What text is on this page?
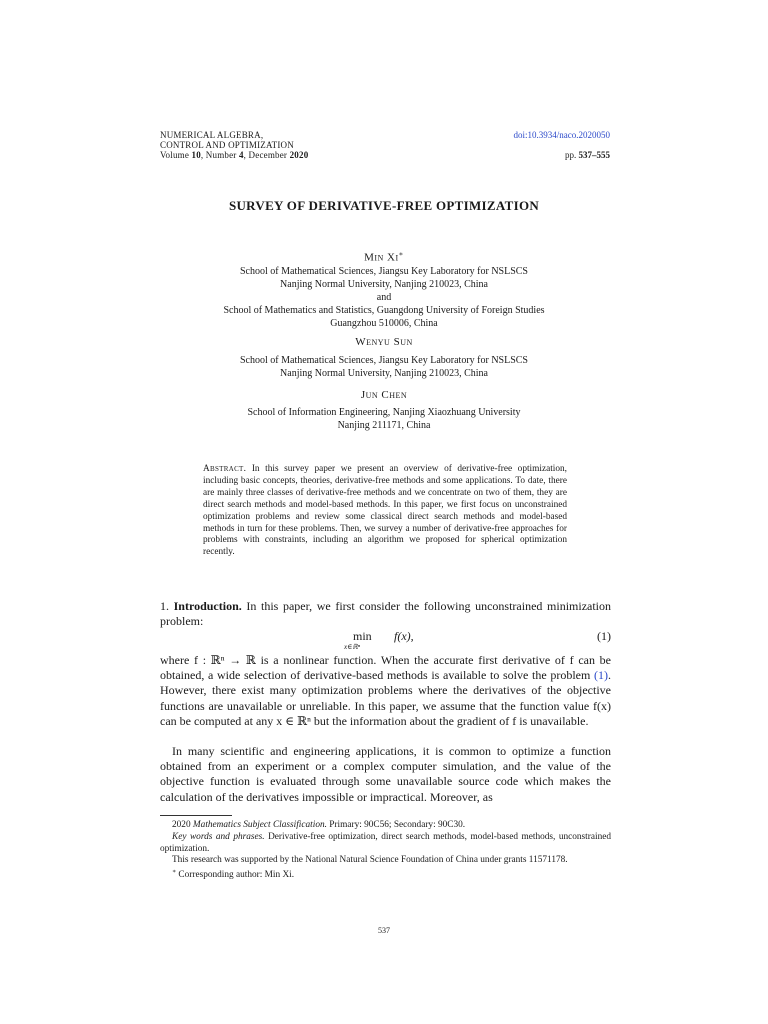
NUMERICAL ALGEBRA,
CONTROL AND OPTIMIZATION
Volume 10, Number 4, December 2020
doi:10.3934/naco.2020050
pp. 537–555
SURVEY OF DERIVATIVE-FREE OPTIMIZATION
Min Xi∗
School of Mathematical Sciences, Jiangsu Key Laboratory for NSLSCS
Nanjing Normal University, Nanjing 210023, China
and
School of Mathematics and Statistics, Guangdong University of Foreign Studies
Guangzhou 510006, China
Wenyu Sun
School of Mathematical Sciences, Jiangsu Key Laboratory for NSLSCS
Nanjing Normal University, Nanjing 210023, China
Jun Chen
School of Information Engineering, Nanjing Xiaozhuang University
Nanjing 211171, China
Abstract. In this survey paper we present an overview of derivative-free optimization, including basic concepts, theories, derivative-free methods and some applications. To date, there are mainly three classes of derivative-free methods and we concentrate on two of them, they are direct search methods and model-based methods. In this paper, we first focus on unconstrained optimization problems and review some classical direct search methods and model-based methods in turn for these problems. Then, we survey a number of derivative-free approaches for problems with constraints, including an algorithm we proposed for spherical optimization recently.
1. Introduction. In this paper, we first consider the following unconstrained minimization problem:
min
x∈ℝⁿ
f(x),	(1)
where f : ℝⁿ → ℝ is a nonlinear function. When the accurate first derivative of f can be obtained, a wide selection of derivative-based methods is available to solve the problem (1). However, there exist many optimization problems where the derivatives of the objective functions are unavailable or unreliable. In this paper, we assume that the function value f(x) can be computed at any x ∈ ℝⁿ but the information about the gradient of f is unavailable.
In many scientific and engineering applications, it is common to optimize a function obtained from an experiment or a complex computer simulation, and the value of the objective function is evaluated through some unavailable source code which makes the calculation of the derivatives impossible or impractical. Moreover, as

2020 Mathematics Subject Classification. Primary: 90C56; Secondary: 90C30.

Key words and phrases. Derivative-free optimization, direct search methods, model-based methods, unconstrained optimization.

This research was supported by the National Natural Science Foundation of China under grants 11571178.

∗ Corresponding author: Min Xi.

537
